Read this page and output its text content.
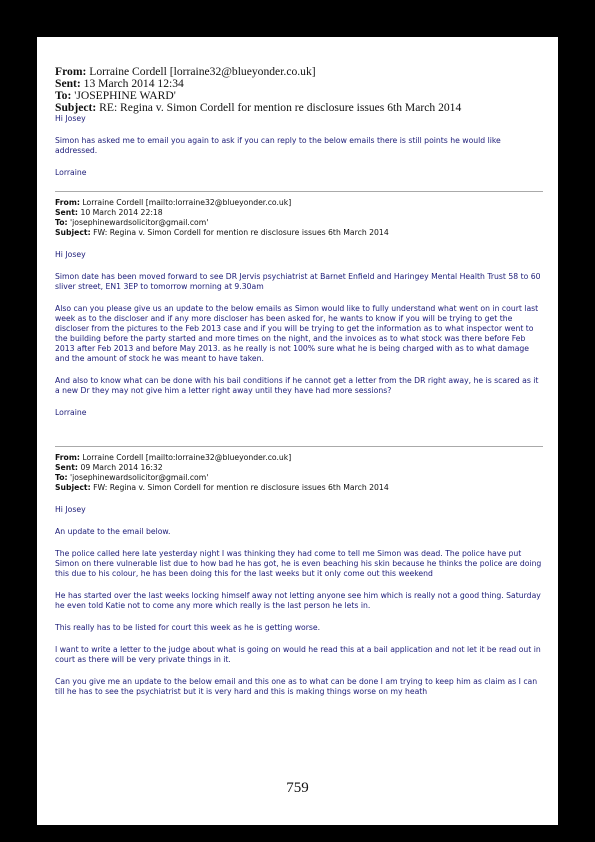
From: Lorraine Cordell [lorraine32@blueyonder.co.uk]

Sent: 13 March 2014 12:34

To: 'JOSEPHINE WARD'

Subject: RE: Regina v. Simon Cordell for mention re disclosure issues 6th March 2014

Hi Josey

Simon has asked me to email you again to ask if you can reply to the below emails there is still points he would like addressed.

Lorraine

From: Lorraine Cordell [mailto:lorraine32@blueyonder.co.uk]

Sent: 10 March 2014 22:18

To: 'josephinewardsolicitor@gmail.com'

Subject: FW: Regina v. Simon Cordell for mention re disclosure issues 6th March 2014

Hi Josey

Simon date has been moved forward to see DR Jervis psychiatrist at Barnet Enfield and Haringey Mental Health Trust 58 to 60 sliver street, EN1 3EP to tomorrow morning at 9.30am

Also can you please give us an update to the below emails as Simon would like to fully understand what went on in court last week as to the discloser and if any more discloser has been asked for, he wants to know if you will be trying to get the discloser from the pictures to the Feb 2013 case and if you will be trying to get the information as to what inspector went to the building before the party started and more times on the night, and the invoices as to what stock was there before Feb 2013 after Feb 2013 and before May 2013. as he really is not 100% sure what he is being charged with as to what damage and the amount of stock he was meant to have taken.

And also to know what can be done with his bail conditions if he cannot get a letter from the DR right away, he is scared as it a new Dr they may not give him a letter right away until they have had more sessions?

Lorraine

From: Lorraine Cordell [mailto:lorraine32@blueyonder.co.uk]

Sent: 09 March 2014 16:32

To: 'josephinewardsolicitor@gmail.com'

Subject: FW: Regina v. Simon Cordell for mention re disclosure issues 6th March 2014

Hi Josey

An update to the email below.

The police called here late yesterday night I was thinking they had come to tell me Simon was dead. The police have put Simon on there vulnerable list due to how bad he has got, he is even beaching his skin because he thinks the police are doing this due to his colour, he has been doing this for the last weeks but it only come out this weekend

He has started over the last weeks locking himself away not letting anyone see him which is really not a good thing. Saturday he even told Katie not to come any more which really is the last person he lets in.

This really has to be listed for court this week as he is getting worse.

I want to write a letter to the judge about what is going on would he read this at a bail application and not let it be read out in court as there will be very private things in it.

Can you give me an update to the below email and this one as to what can be done I am trying to keep him as claim as I can till he has to see the psychiatrist but it is very hard and this is making things worse on my heath

759
